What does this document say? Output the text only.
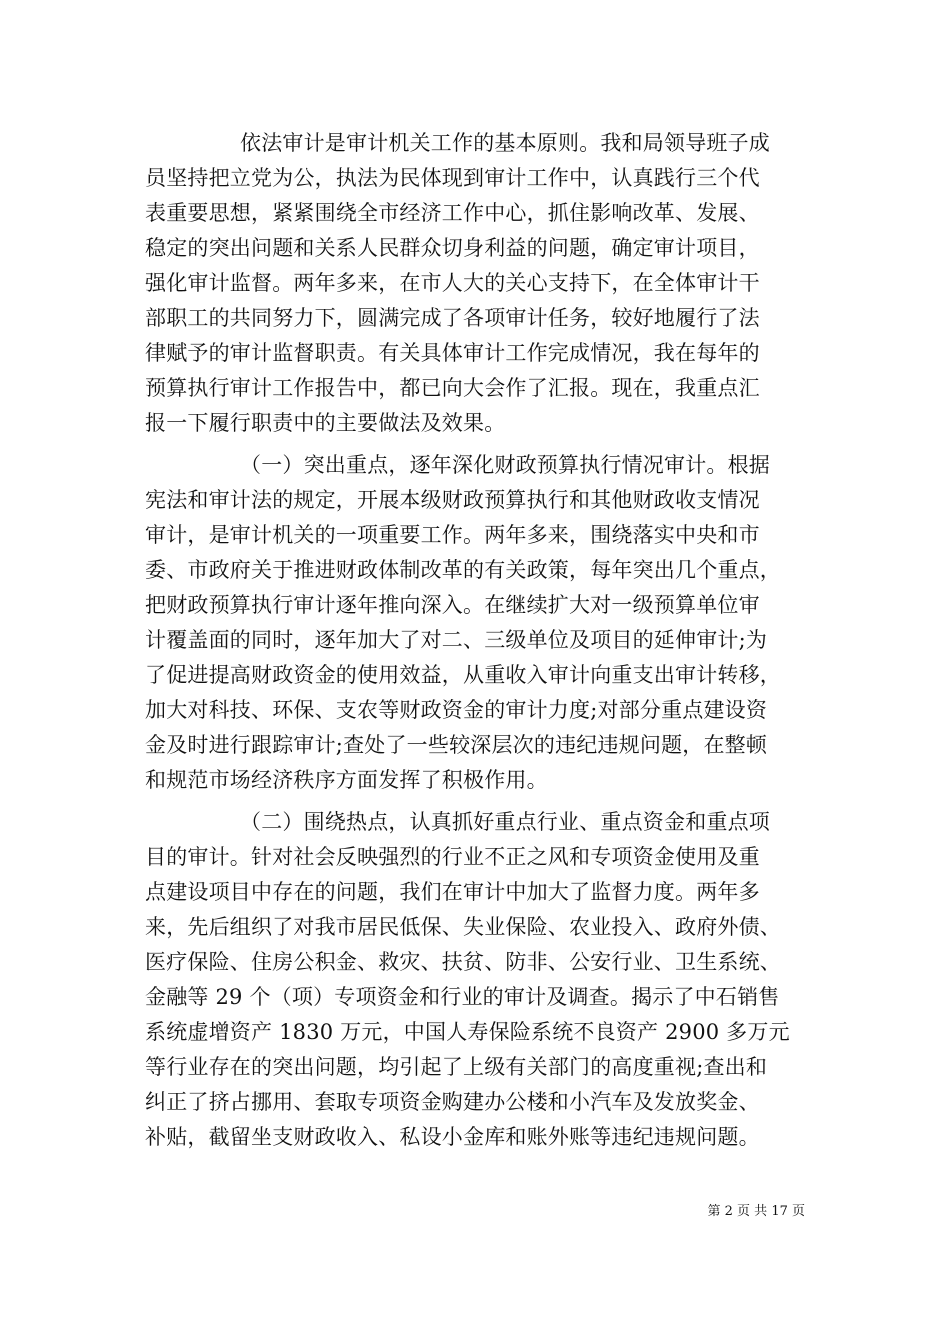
依法审计是审计机关工作的基本原则。我和局领导班子成
员坚持把立党为公，执法为民体现到审计工作中，认真践行三个代
表重要思想，紧紧围绕全市经济工作中心，抓住影响改革、发展、
稳定的突出问题和关系人民群众切身利益的问题，确定审计项目，
强化审计监督。两年多来，在市人大的关心支持下，在全体审计干
部职工的共同努力下，圆满完成了各项审计任务，较好地履行了法
律赋予的审计监督职责。有关具体审计工作完成情况，我在每年的
预算执行审计工作报告中，都已向大会作了汇报。现在，我重点汇
报一下履行职责中的主要做法及效果。
（一）突出重点，逐年深化财政预算执行情况审计。根据
宪法和审计法的规定，开展本级财政预算执行和其他财政收支情况
审计，是审计机关的一项重要工作。两年多来，围绕落实中央和市
委、市政府关于推进财政体制改革的有关政策，每年突出几个重点，
把财政预算执行审计逐年推向深入。在继续扩大对一级预算单位审
计覆盖面的同时，逐年加大了对二、三级单位及项目的延伸审计;为
了促进提高财政资金的使用效益，从重收入审计向重支出审计转移，
加大对科技、环保、支农等财政资金的审计力度;对部分重点建设资
金及时进行跟踪审计;查处了一些较深层次的违纪违规问题，在整顿
和规范市场经济秩序方面发挥了积极作用。
（二）围绕热点，认真抓好重点行业、重点资金和重点项
目的审计。针对社会反映强烈的行业不正之风和专项资金使用及重
点建设项目中存在的问题，我们在审计中加大了监督力度。两年多
来，先后组织了对我市居民低保、失业保险、农业投入、政府外债、
医疗保险、住房公积金、救灾、扶贫、防非、公安行业、卫生系统、
金融等 29 个（项）专项资金和行业的审计及调查。揭示了中石销售
系统虚增资产 1830 万元，中国人寿保险系统不良资产 2900 多万元
等行业存在的突出问题，均引起了上级有关部门的高度重视;查出和
纠正了挤占挪用、套取专项资金购建办公楼和小汽车及发放奖金、
补贴，截留坐支财政收入、私设小金库和账外账等违纪违规问题。
第 2 页 共 17 页
